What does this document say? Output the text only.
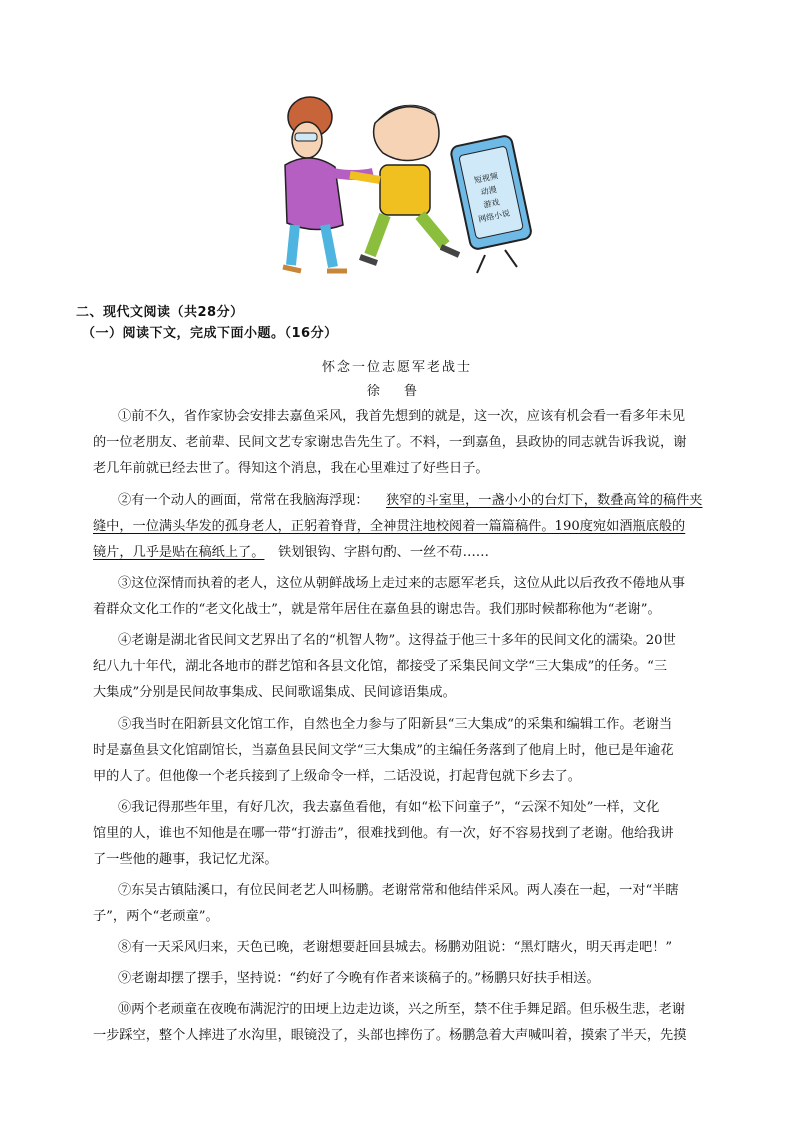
短视频
动漫
游戏
网络小说
二、现代文阅读（共28分）
（一）阅读下文，完成下面小题。（16分）
怀念一位志愿军老战士
徐 鲁
①前不久，省作家协会安排去嘉鱼采风，我首先想到的就是，这一次，应该有机会看一看多年未见
的一位老朋友、老前辈、民间文艺专家谢忠告先生了。不料，一到嘉鱼，县政协的同志就告诉我说，谢
老几年前就已经去世了。得知这个消息，我在心里难过了好些日子。
②有一个动人的画面，常常在我脑海浮现： 狭窄的斗室里，一盏小小的台灯下，数叠高耸的稿件夹
缝中，一位满头华发的孤身老人，正躬着脊背，全神贯注地校阅着一篇篇稿件。190度宛如酒瓶底般的
镜片，几乎是贴在稿纸上了。 铁划银钩、字斟句酌、一丝不苟……
③这位深情而执着的老人，这位从朝鲜战场上走过来的志愿军老兵，这位从此以后孜孜不倦地从事
着群众文化工作的“老文化战士”，就是常年居住在嘉鱼县的谢忠告。我们那时候都称他为“老谢”。
④老谢是湖北省民间文艺界出了名的“机智人物”。这得益于他三十多年的民间文化的濡染。20世
纪八九十年代，湖北各地市的群艺馆和各县文化馆，都接受了采集民间文学“三大集成”的任务。“三
大集成”分别是民间故事集成、民间歌谣集成、民间谚语集成。
⑤我当时在阳新县文化馆工作，自然也全力参与了阳新县“三大集成”的采集和编辑工作。老谢当
时是嘉鱼县文化馆副馆长，当嘉鱼县民间文学“三大集成”的主编任务落到了他肩上时，他已是年逾花
甲的人了。但他像一个老兵接到了上级命令一样，二话没说，打起背包就下乡去了。
⑥我记得那些年里，有好几次，我去嘉鱼看他，有如“松下问童子”，“云深不知处”一样，文化
馆里的人，谁也不知他是在哪一带“打游击”，很难找到他。有一次，好不容易找到了老谢。他给我讲
了一些他的趣事，我记忆尤深。
⑦东吴古镇陆溪口，有位民间老艺人叫杨鹏。老谢常常和他结伴采风。两人凑在一起，一对“半瞎
子”，两个“老顽童”。
⑧有一天采风归来，天色已晚，老谢想要赶回县城去。杨鹏劝阻说：“黑灯瞎火，明天再走吧！”
⑨老谢却摆了摆手，坚持说：“约好了今晚有作者来谈稿子的。”杨鹏只好扶手相送。
⑩两个老顽童在夜晚布满泥泞的田埂上边走边谈，兴之所至，禁不住手舞足蹈。但乐极生悲，老谢
一步踩空，整个人摔进了水沟里，眼镜没了，头部也摔伤了。杨鹏急着大声喊叫着，摸索了半天，先摸
